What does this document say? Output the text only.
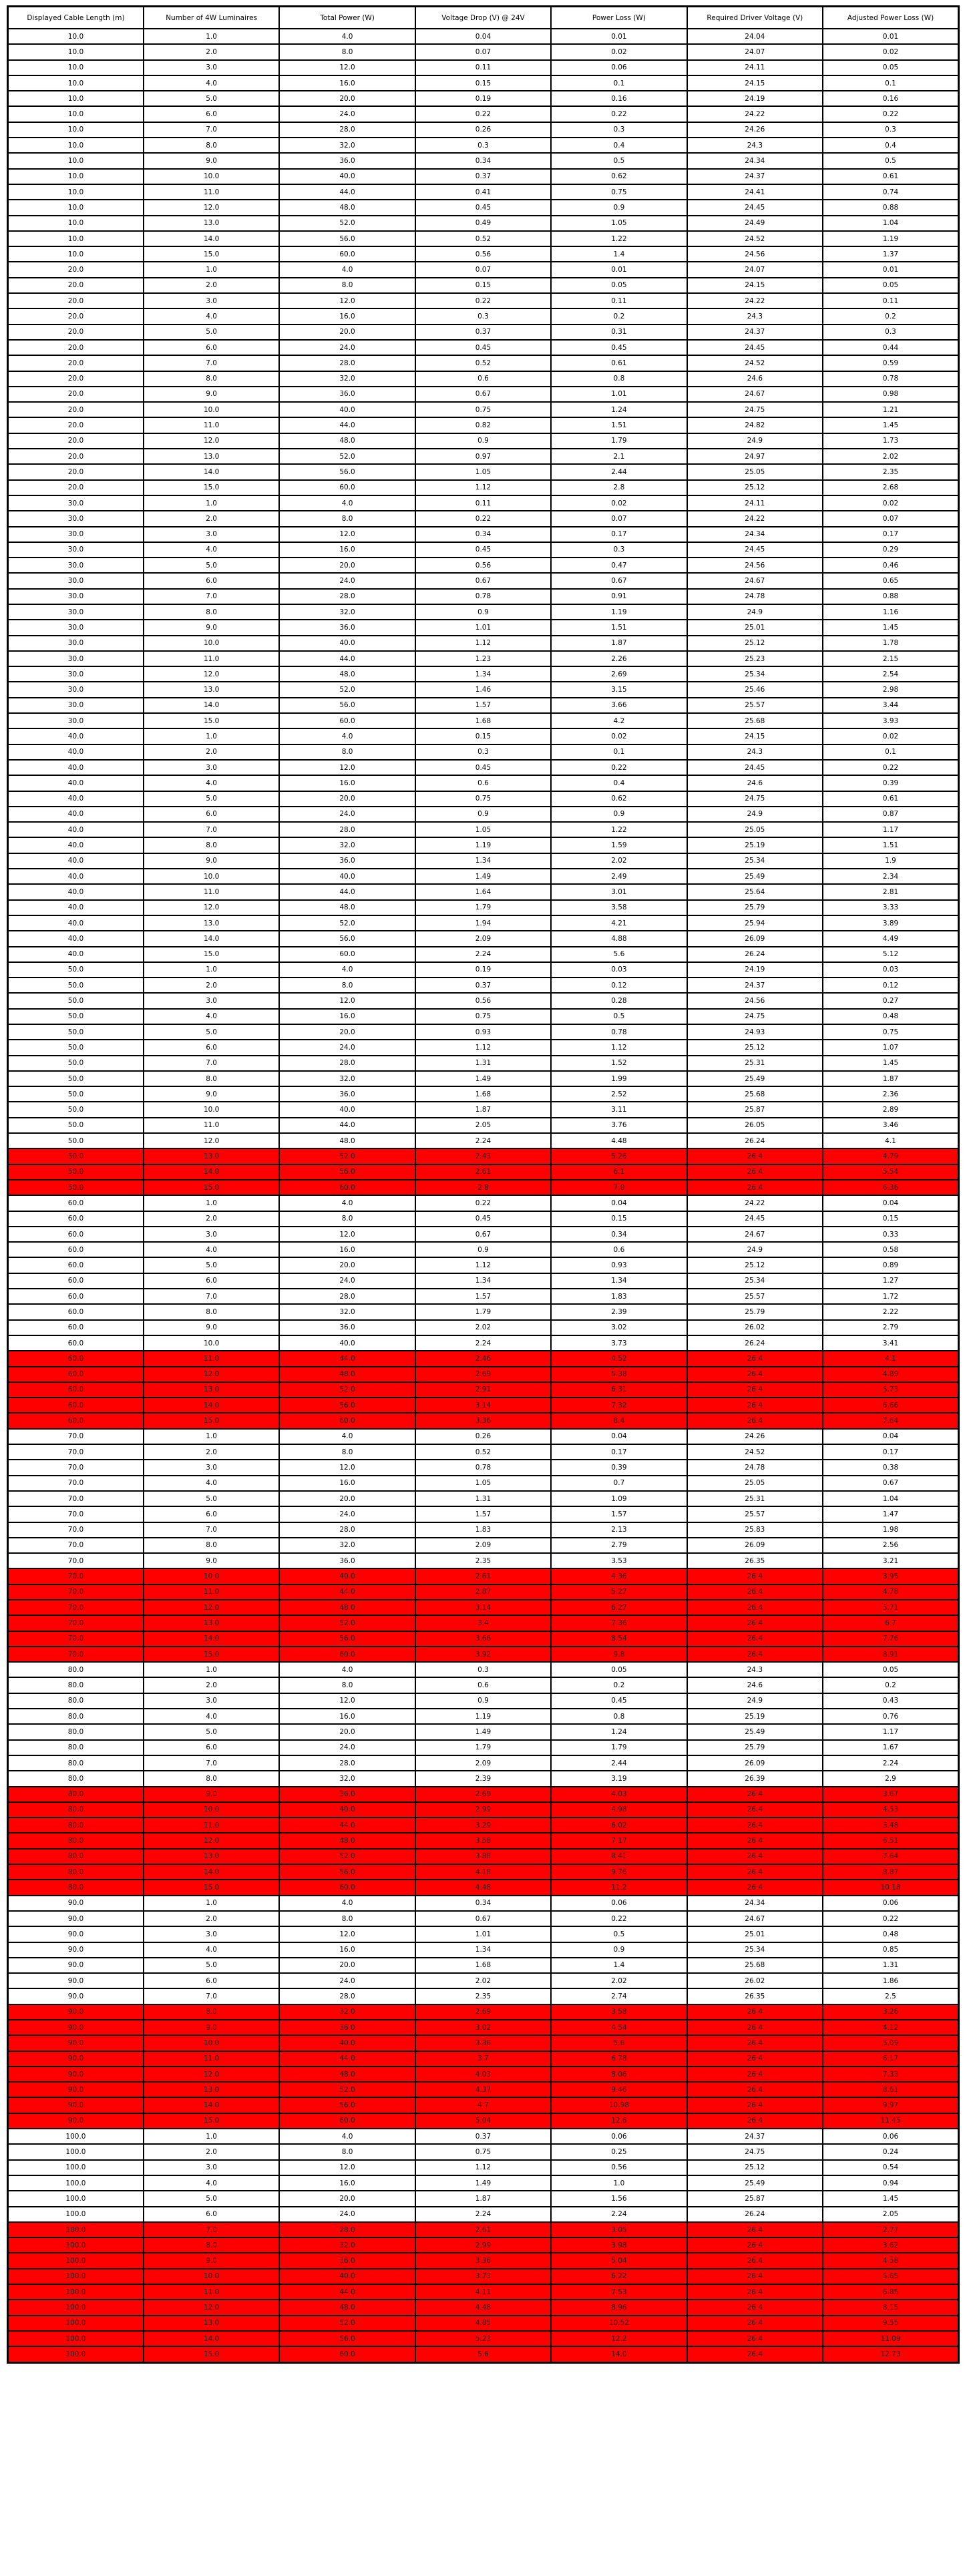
Displayed Cable Length (m)	Number of 4W Luminaires	Total Power (W)	Voltage Drop (V) @ 24V	Power Loss (W)	Required Driver Voltage (V)	Adjusted Power Loss (W)
10.0	1.0	4.0	0.04	0.01	24.04	0.01
10.0	2.0	8.0	0.07	0.02	24.07	0.02
10.0	3.0	12.0	0.11	0.06	24.11	0.05
10.0	4.0	16.0	0.15	0.1	24.15	0.1
10.0	5.0	20.0	0.19	0.16	24.19	0.16
10.0	6.0	24.0	0.22	0.22	24.22	0.22
10.0	7.0	28.0	0.26	0.3	24.26	0.3
10.0	8.0	32.0	0.3	0.4	24.3	0.4
10.0	9.0	36.0	0.34	0.5	24.34	0.5
10.0	10.0	40.0	0.37	0.62	24.37	0.61
10.0	11.0	44.0	0.41	0.75	24.41	0.74
10.0	12.0	48.0	0.45	0.9	24.45	0.88
10.0	13.0	52.0	0.49	1.05	24.49	1.04
10.0	14.0	56.0	0.52	1.22	24.52	1.19
10.0	15.0	60.0	0.56	1.4	24.56	1.37
20.0	1.0	4.0	0.07	0.01	24.07	0.01
20.0	2.0	8.0	0.15	0.05	24.15	0.05
20.0	3.0	12.0	0.22	0.11	24.22	0.11
20.0	4.0	16.0	0.3	0.2	24.3	0.2
20.0	5.0	20.0	0.37	0.31	24.37	0.3
20.0	6.0	24.0	0.45	0.45	24.45	0.44
20.0	7.0	28.0	0.52	0.61	24.52	0.59
20.0	8.0	32.0	0.6	0.8	24.6	0.78
20.0	9.0	36.0	0.67	1.01	24.67	0.98
20.0	10.0	40.0	0.75	1.24	24.75	1.21
20.0	11.0	44.0	0.82	1.51	24.82	1.45
20.0	12.0	48.0	0.9	1.79	24.9	1.73
20.0	13.0	52.0	0.97	2.1	24.97	2.02
20.0	14.0	56.0	1.05	2.44	25.05	2.35
20.0	15.0	60.0	1.12	2.8	25.12	2.68
30.0	1.0	4.0	0.11	0.02	24.11	0.02
30.0	2.0	8.0	0.22	0.07	24.22	0.07
30.0	3.0	12.0	0.34	0.17	24.34	0.17
30.0	4.0	16.0	0.45	0.3	24.45	0.29
30.0	5.0	20.0	0.56	0.47	24.56	0.46
30.0	6.0	24.0	0.67	0.67	24.67	0.65
30.0	7.0	28.0	0.78	0.91	24.78	0.88
30.0	8.0	32.0	0.9	1.19	24.9	1.16
30.0	9.0	36.0	1.01	1.51	25.01	1.45
30.0	10.0	40.0	1.12	1.87	25.12	1.78
30.0	11.0	44.0	1.23	2.26	25.23	2.15
30.0	12.0	48.0	1.34	2.69	25.34	2.54
30.0	13.0	52.0	1.46	3.15	25.46	2.98
30.0	14.0	56.0	1.57	3.66	25.57	3.44
30.0	15.0	60.0	1.68	4.2	25.68	3.93
40.0	1.0	4.0	0.15	0.02	24.15	0.02
40.0	2.0	8.0	0.3	0.1	24.3	0.1
40.0	3.0	12.0	0.45	0.22	24.45	0.22
40.0	4.0	16.0	0.6	0.4	24.6	0.39
40.0	5.0	20.0	0.75	0.62	24.75	0.61
40.0	6.0	24.0	0.9	0.9	24.9	0.87
40.0	7.0	28.0	1.05	1.22	25.05	1.17
40.0	8.0	32.0	1.19	1.59	25.19	1.51
40.0	9.0	36.0	1.34	2.02	25.34	1.9
40.0	10.0	40.0	1.49	2.49	25.49	2.34
40.0	11.0	44.0	1.64	3.01	25.64	2.81
40.0	12.0	48.0	1.79	3.58	25.79	3.33
40.0	13.0	52.0	1.94	4.21	25.94	3.89
40.0	14.0	56.0	2.09	4.88	26.09	4.49
40.0	15.0	60.0	2.24	5.6	26.24	5.12
50.0	1.0	4.0	0.19	0.03	24.19	0.03
50.0	2.0	8.0	0.37	0.12	24.37	0.12
50.0	3.0	12.0	0.56	0.28	24.56	0.27
50.0	4.0	16.0	0.75	0.5	24.75	0.48
50.0	5.0	20.0	0.93	0.78	24.93	0.75
50.0	6.0	24.0	1.12	1.12	25.12	1.07
50.0	7.0	28.0	1.31	1.52	25.31	1.45
50.0	8.0	32.0	1.49	1.99	25.49	1.87
50.0	9.0	36.0	1.68	2.52	25.68	2.36
50.0	10.0	40.0	1.87	3.11	25.87	2.89
50.0	11.0	44.0	2.05	3.76	26.05	3.46
50.0	12.0	48.0	2.24	4.48	26.24	4.1
50.0	13.0	52.0	2.43	5.26	26.4	4.79
50.0	14.0	56.0	2.61	6.1	26.4	5.54
50.0	15.0	60.0	2.8	7.0	26.4	6.36
60.0	1.0	4.0	0.22	0.04	24.22	0.04
60.0	2.0	8.0	0.45	0.15	24.45	0.15
60.0	3.0	12.0	0.67	0.34	24.67	0.33
60.0	4.0	16.0	0.9	0.6	24.9	0.58
60.0	5.0	20.0	1.12	0.93	25.12	0.89
60.0	6.0	24.0	1.34	1.34	25.34	1.27
60.0	7.0	28.0	1.57	1.83	25.57	1.72
60.0	8.0	32.0	1.79	2.39	25.79	2.22
60.0	9.0	36.0	2.02	3.02	26.02	2.79
60.0	10.0	40.0	2.24	3.73	26.24	3.41
60.0	11.0	44.0	2.46	4.52	26.4	4.1
60.0	12.0	48.0	2.69	5.38	26.4	4.89
60.0	13.0	52.0	2.91	6.31	26.4	5.73
60.0	14.0	56.0	3.14	7.32	26.4	6.66
60.0	15.0	60.0	3.36	8.4	26.4	7.64
70.0	1.0	4.0	0.26	0.04	24.26	0.04
70.0	2.0	8.0	0.52	0.17	24.52	0.17
70.0	3.0	12.0	0.78	0.39	24.78	0.38
70.0	4.0	16.0	1.05	0.7	25.05	0.67
70.0	5.0	20.0	1.31	1.09	25.31	1.04
70.0	6.0	24.0	1.57	1.57	25.57	1.47
70.0	7.0	28.0	1.83	2.13	25.83	1.98
70.0	8.0	32.0	2.09	2.79	26.09	2.56
70.0	9.0	36.0	2.35	3.53	26.35	3.21
70.0	10.0	40.0	2.61	4.36	26.4	3.95
70.0	11.0	44.0	2.87	5.27	26.4	4.78
70.0	12.0	48.0	3.14	6.27	26.4	5.71
70.0	13.0	52.0	3.4	7.36	26.4	6.7
70.0	14.0	56.0	3.66	8.54	26.4	7.76
70.0	15.0	60.0	3.92	9.8	26.4	8.91
80.0	1.0	4.0	0.3	0.05	24.3	0.05
80.0	2.0	8.0	0.6	0.2	24.6	0.2
80.0	3.0	12.0	0.9	0.45	24.9	0.43
80.0	4.0	16.0	1.19	0.8	25.19	0.76
80.0	5.0	20.0	1.49	1.24	25.49	1.17
80.0	6.0	24.0	1.79	1.79	25.79	1.67
80.0	7.0	28.0	2.09	2.44	26.09	2.24
80.0	8.0	32.0	2.39	3.19	26.39	2.9
80.0	9.0	36.0	2.69	4.03	26.4	3.67
80.0	10.0	40.0	2.99	4.98	26.4	4.53
80.0	11.0	44.0	3.29	6.02	26.4	5.48
80.0	12.0	48.0	3.58	7.17	26.4	6.51
80.0	13.0	52.0	3.88	8.41	26.4	7.64
80.0	14.0	56.0	4.18	9.76	26.4	8.87
80.0	15.0	60.0	4.48	11.2	26.4	10.18
90.0	1.0	4.0	0.34	0.06	24.34	0.06
90.0	2.0	8.0	0.67	0.22	24.67	0.22
90.0	3.0	12.0	1.01	0.5	25.01	0.48
90.0	4.0	16.0	1.34	0.9	25.34	0.85
90.0	5.0	20.0	1.68	1.4	25.68	1.31
90.0	6.0	24.0	2.02	2.02	26.02	1.86
90.0	7.0	28.0	2.35	2.74	26.35	2.5
90.0	8.0	32.0	2.69	3.58	26.4	3.26
90.0	9.0	36.0	3.02	4.54	26.4	4.12
90.0	10.0	40.0	3.36	5.6	26.4	5.09
90.0	11.0	44.0	3.7	6.78	26.4	6.17
90.0	12.0	48.0	4.03	8.06	26.4	7.33
90.0	13.0	52.0	4.37	9.46	26.4	8.61
90.0	14.0	56.0	4.7	10.98	26.4	9.97
90.0	15.0	60.0	5.04	12.6	26.4	11.45
100.0	1.0	4.0	0.37	0.06	24.37	0.06
100.0	2.0	8.0	0.75	0.25	24.75	0.24
100.0	3.0	12.0	1.12	0.56	25.12	0.54
100.0	4.0	16.0	1.49	1.0	25.49	0.94
100.0	5.0	20.0	1.87	1.56	25.87	1.45
100.0	6.0	24.0	2.24	2.24	26.24	2.05
100.0	7.0	28.0	2.61	3.05	26.4	2.77
100.0	8.0	32.0	2.99	3.98	26.4	3.62
100.0	9.0	36.0	3.36	5.04	26.4	4.58
100.0	10.0	40.0	3.73	6.22	26.4	5.65
100.0	11.0	44.0	4.11	7.53	26.4	6.85
100.0	12.0	48.0	4.48	8.96	26.4	8.15
100.0	13.0	52.0	4.85	10.52	26.4	9.55
100.0	14.0	56.0	5.23	12.2	26.4	11.09
100.0	15.0	60.0	5.6	14.0	26.4	12.73
